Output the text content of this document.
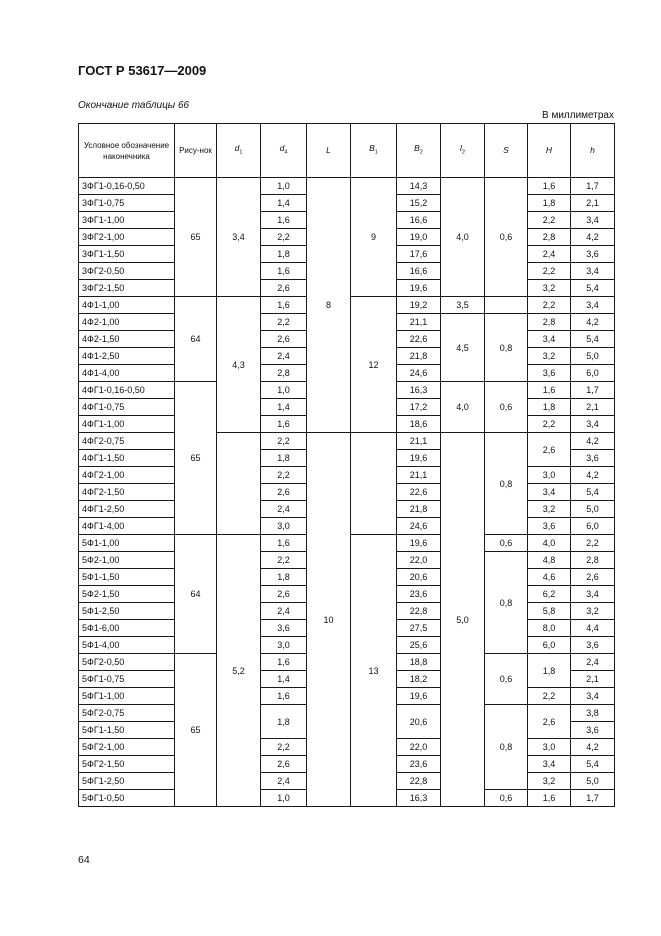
ГОСТ Р 53617—2009
Окончание таблицы 66
В миллиметрах
Условное обозначение наконечника	Рису-нок	$d_1$	$d_4$	L	$B_1$	$B_2$	$l_2$	S	H	h
3ФГ1-0,16-0,50	65	3,4	1,0	8	9	14,3	4,0	0,6	1,6	1,7
3ФГ1-0,75			1,4			15,2			1,8	2,1
3ФГ1-1,00			1,6			16,6			2,2	3,4
3ФГ2-1,00			2,2			19,0			2,8	4,2
3ФГ1-1,50			1,8			17,6			2,4	3,6
3ФГ2-0,50			1,6			16,6			2,2	3,4
3ФГ2-1,50			2,6			19,6			3,2	5,4
4Ф1-1,00	64	4,3	1,6		12	19,2	3,5		2,2	3,4
4Ф2-1,00			2,2			21,1	4,5	0,8	2,8	4,2
4Ф2-1,50			2,6			22,6			3,4	5,4
4Ф1-2,50			2,4			21,8			3,2	5,0
4Ф1-4,00			2,8			24,6			3,6	6,0
4ФГ1-0,16-0,50	65		1,0			16,3	4,0	0,6	1,6	1,7
4ФГ1-0,75			1,4			17,2			1,8	2,1
4ФГ1-1,00			1,6			18,6			2,2	3,4
4ФГ2-0,75			2,2	10		21,1	5,0	0,8	2,6	4,2
4ФГ1-1,50			1,8			19,6				3,6
4ФГ2-1,00			2,2			21,1			3,0	4,2
4ФГ2-1,50			2,6			22,6			3,4	5,4
4ФГ1-2,50			2,4			21,8			3,2	5,0
4ФГ1-4,00			3,0			24,6			3,6	6,0
5Ф1-1,00	64	5,2	1,6		13	19,6		0,6	4,0	2,2
5Ф2-1,00			2,2			22,0		0,8	4,8	2,8
5Ф1-1,50			1,8			20,6			4,6	2,6
5Ф2-1,50			2,6			23,6			6,2	3,4
5Ф1-2,50			2,4			22,8			5,8	3,2
5Ф1-6,00			3,6			27,5			8,0	4,4
5Ф1-4,00			3,0			25,6			6,0	3,6
5ФГ2-0,50	65		1,6			18,8		0,6	1,8	2,4
5ФГ1-0,75			1,4			18,2				2,1
5ФГ1-1,00			1,6			19,6			2,2	3,4
5ФГ2-0,75			1,8			20,6		0,8	2,6	3,8
5ФГ1-1,50										3,6
5ФГ2-1,00			2,2			22,0			3,0	4,2
5ФГ2-1,50			2,6			23,6			3,4	5,4
5ФГ1-2,50			2,4			22,8			3,2	5,0
5ФГ1-0,50			1,0			16,3		0,6	1,6	1,7
64
